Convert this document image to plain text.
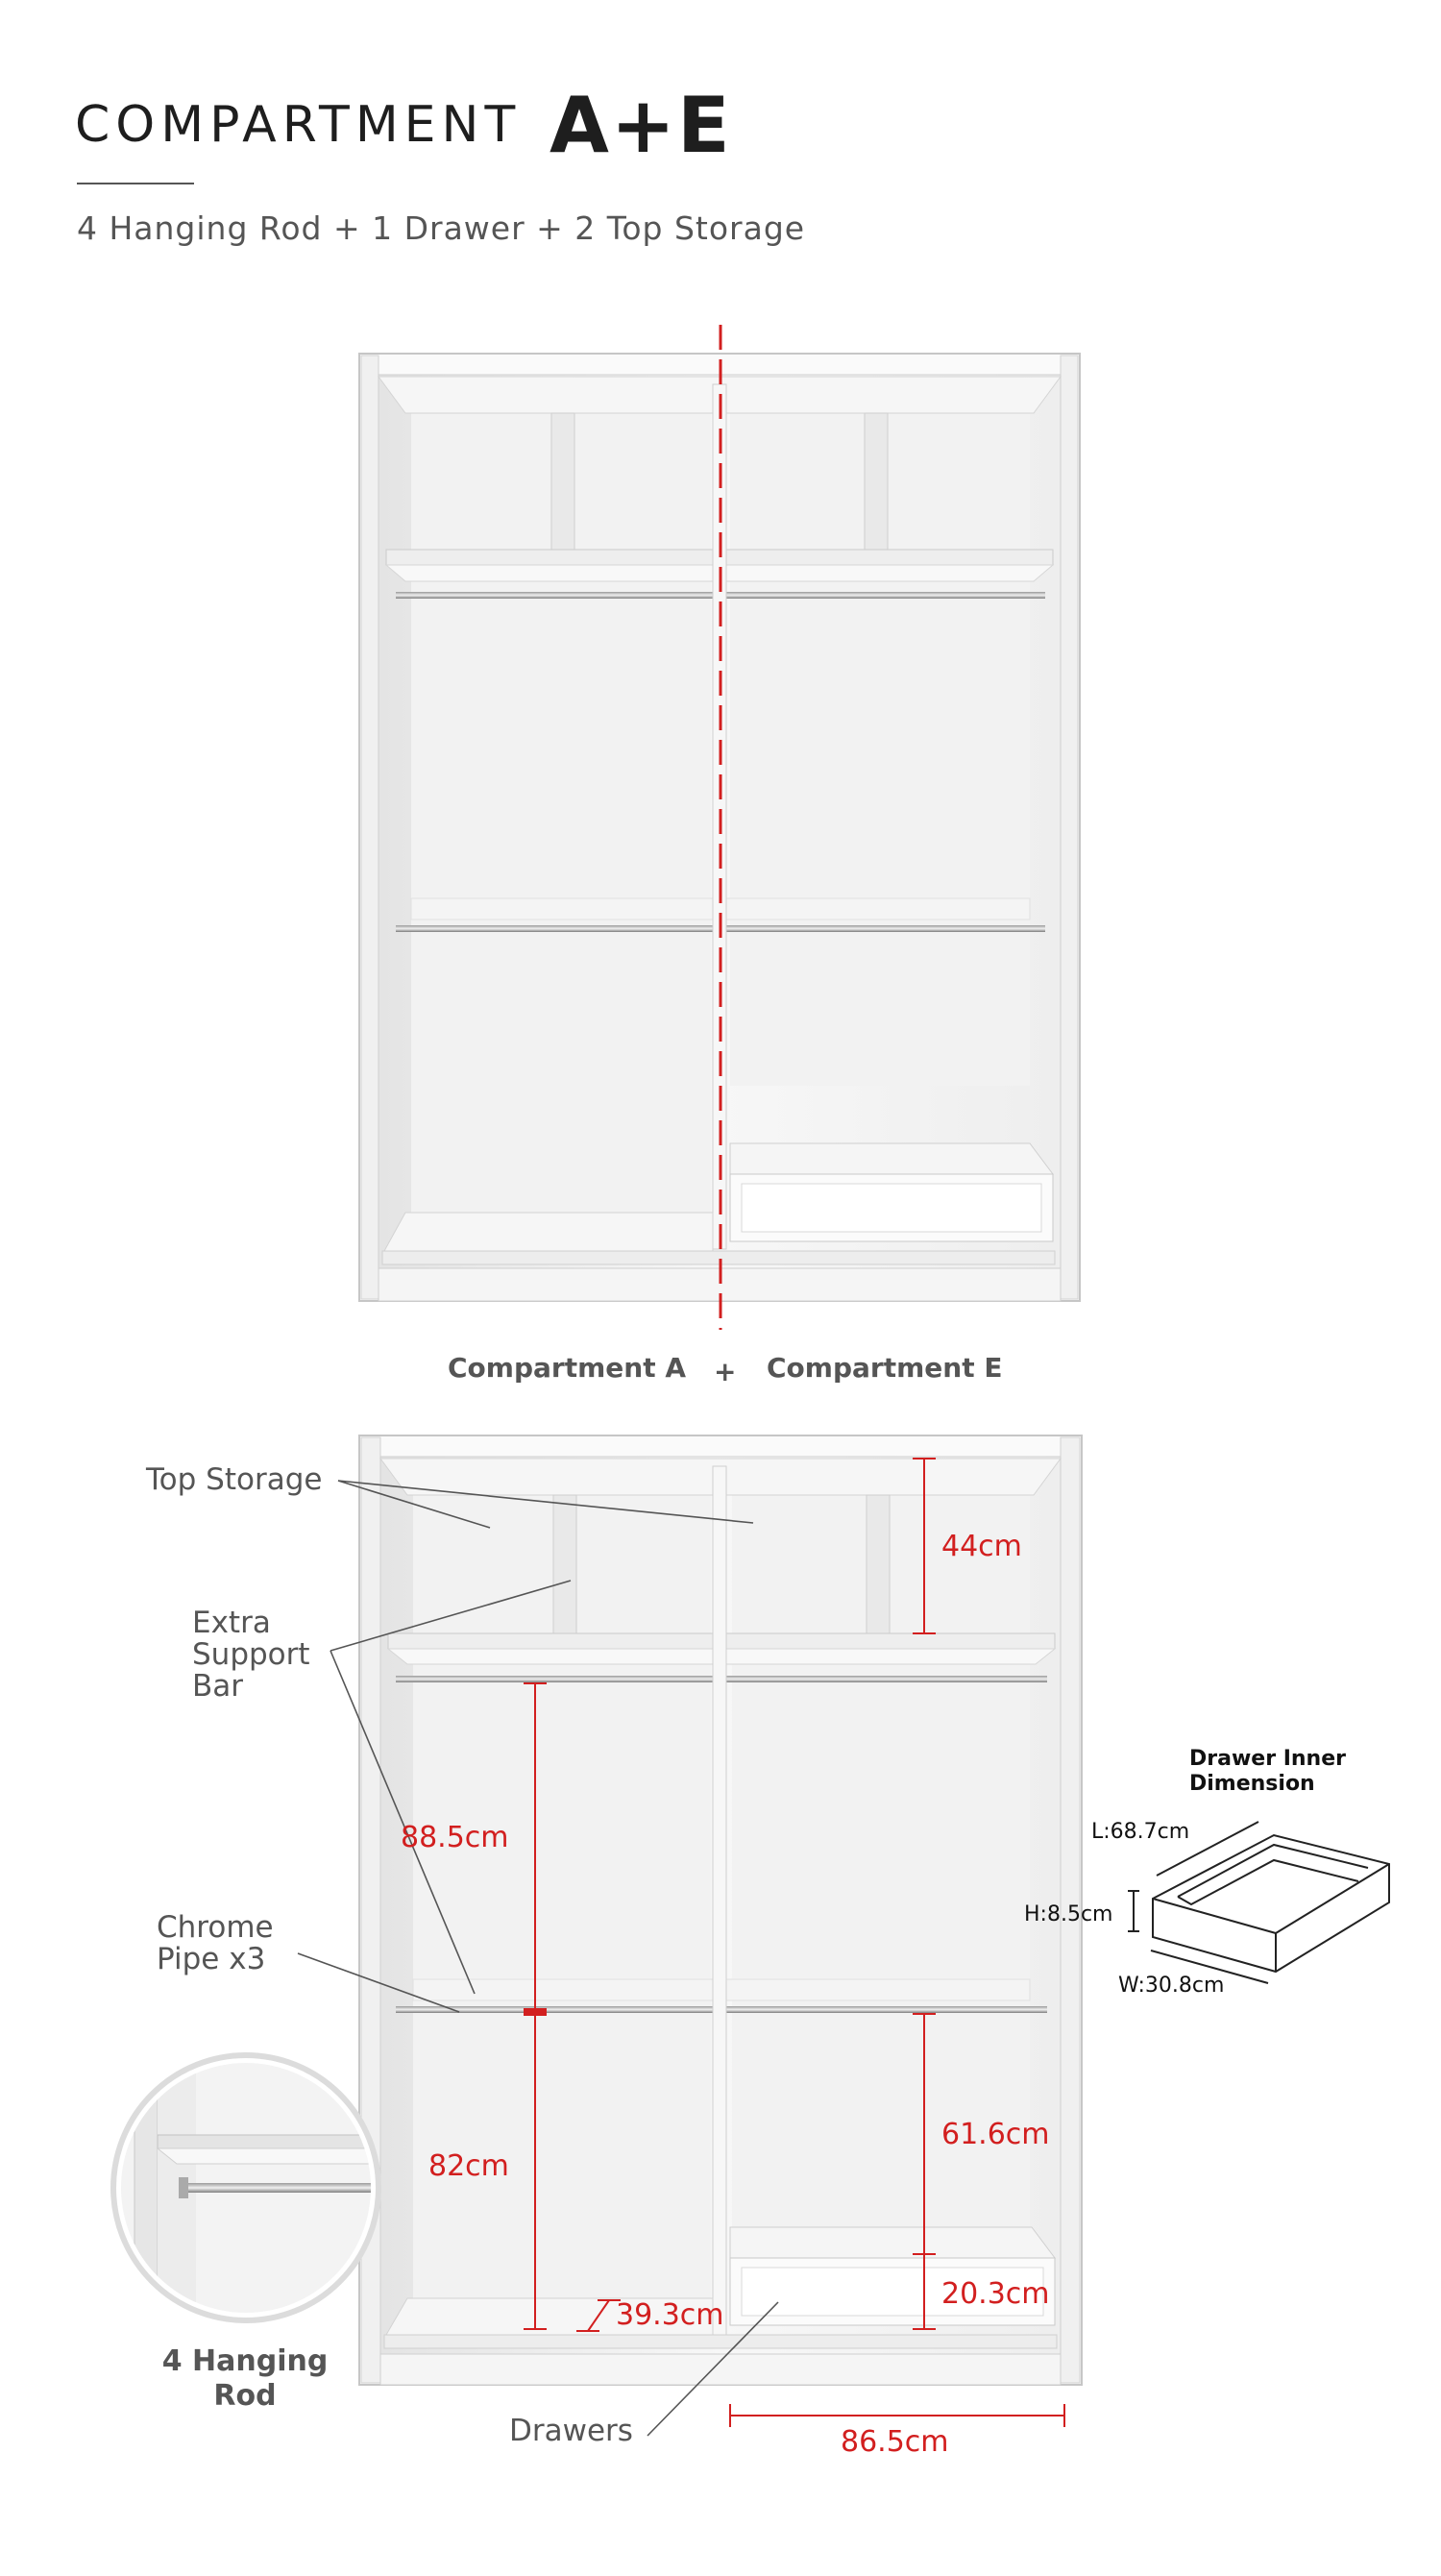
COMPARTMENT A+E
4 Hanging Rod + 1 Drawer + 2 Top Storage
Compartment A + Compartment E
Top Storage
Extra
Support
Bar
Chrome
Pipe x3
Drawers
4 Hanging
Rod
44cm
88.5cm
82cm
39.3cm
61.6cm
20.3cm
86.5cm
Drawer Inner
Dimension
L:68.7cm
H:8.5cm
W:30.8cm
